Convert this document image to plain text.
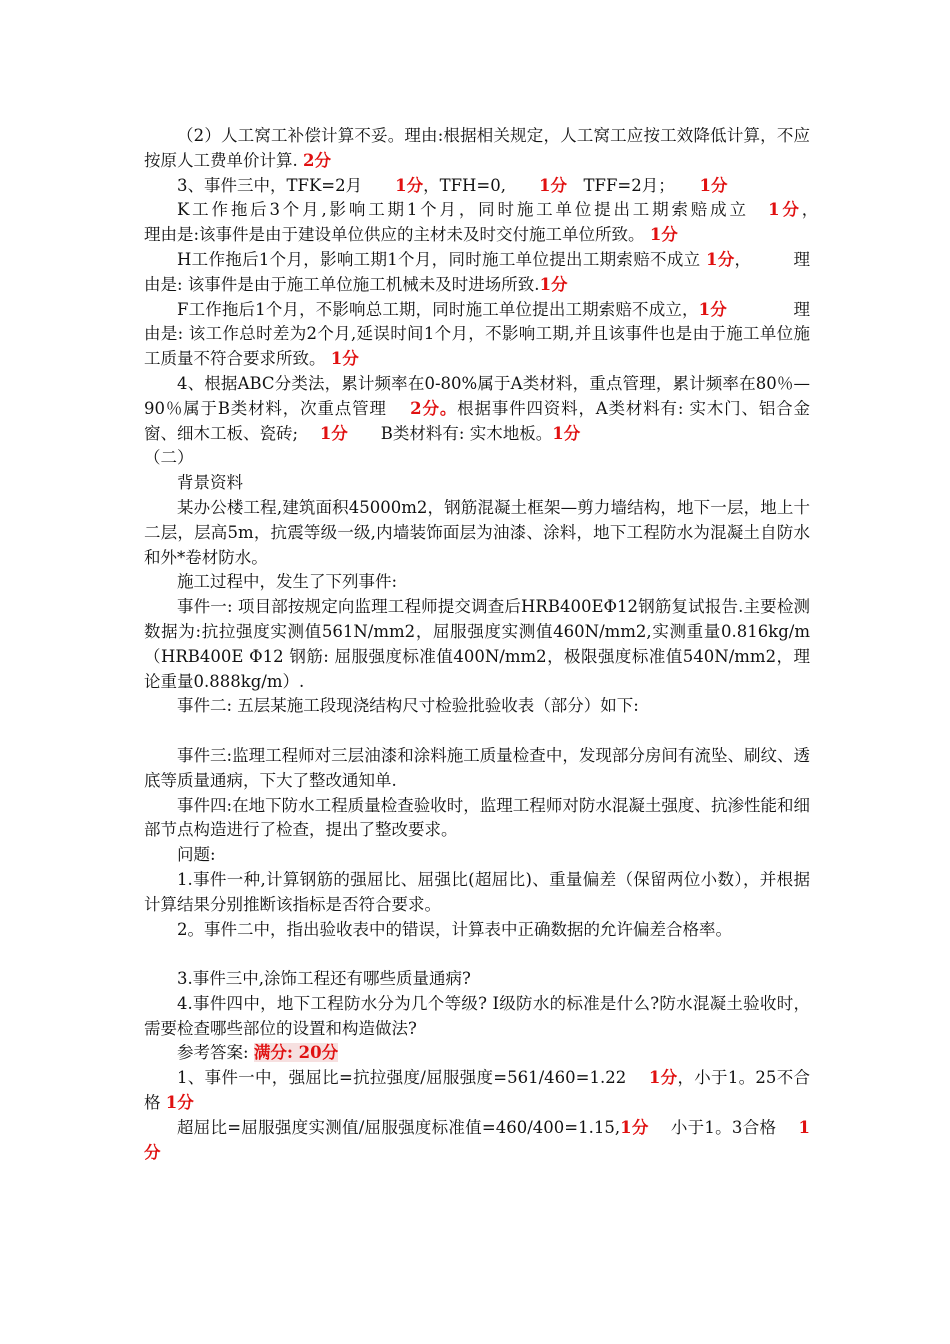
（2）人工窝工补偿计算不妥。理由:根据相关规定，人工窝工应按工效降低计算，不应按原人工费单价计算. 2分

3、事件三中，TFK=2月　　1分，TFH=0,　　1分　TFF=2月；　　1分

K工作拖后3个月,影响工期1个月，同时施工单位提出工期索赔成立　1分，　　　　　　　理由是:该事件是由于建设单位供应的主材未及时交付施工单位所致。 1分

H工作拖后1个月，影响工期1个月，同时施工单位提出工期索赔不成立 1分，　　　理由是: 该事件是由于施工单位施工机械未及时进场所致.1分

F工作拖后1个月，不影响总工期，同时施工单位提出工期索赔不成立，1分　　　　理由是: 该工作总时差为2个月,延误时间1个月，不影响工期,并且该事件也是由于施工单位施工质量不符合要求所致。 1分

4、根据ABC分类法，累计频率在0-80%属于A类材料，重点管理，累计频率在80％—90％属于B类材料，次重点管理　 2分。根据事件四资料，A类材料有: 实木门、铝合金窗、细木工板、瓷砖;　 1分　　B类材料有: 实木地板。1分

（二）

背景资料

某办公楼工程,建筑面积45000m2，钢筋混凝土框架—剪力墙结构，地下一层，地上十二层，层高5m，抗震等级一级,内墙装饰面层为油漆、涂料，地下工程防水为混凝土自防水和外*卷材防水。

施工过程中，发生了下列事件:

事件一: 项目部按规定向监理工程师提交调查后HRB400EΦ12钢筋复试报告.主要检测数据为:抗拉强度实测值561N/mm2，屈服强度实测值460N/mm2,实测重量0.816kg/m（HRB400E Φ12 钢筋: 屈服强度标准值400N/mm2，极限强度标准值540N/mm2，理论重量0.888kg/m）.

事件二: 五层某施工段现浇结构尺寸检验批验收表（部分）如下:

事件三:监理工程师对三层油漆和涂料施工质量检查中，发现部分房间有流坠、刷纹、透底等质量通病，下大了整改通知单.

事件四:在地下防水工程质量检查验收时，监理工程师对防水混凝土强度、抗渗性能和细部节点构造进行了检查，提出了整改要求。

问题:

1.事件一种,计算钢筋的强屈比、屈强比(超屈比)、重量偏差（保留两位小数），并根据计算结果分别推断该指标是否符合要求。

2。事件二中，指出验收表中的错误，计算表中正确数据的允许偏差合格率。

3.事件三中,涂饰工程还有哪些质量通病?

4.事件四中，地下工程防水分为几个等级? Ⅰ级防水的标准是什么?防水混凝土验收时，需要检查哪些部位的设置和构造做法?

参考答案: 满分: 20分

1、事件一中，强屈比=抗拉强度/屈服强度=561/460=1.22　 1分，小于1。25不合格 1分

超屈比=屈服强度实测值/屈服强度标准值=460/400=1.15,1分　 小于1。3合格　 1分
